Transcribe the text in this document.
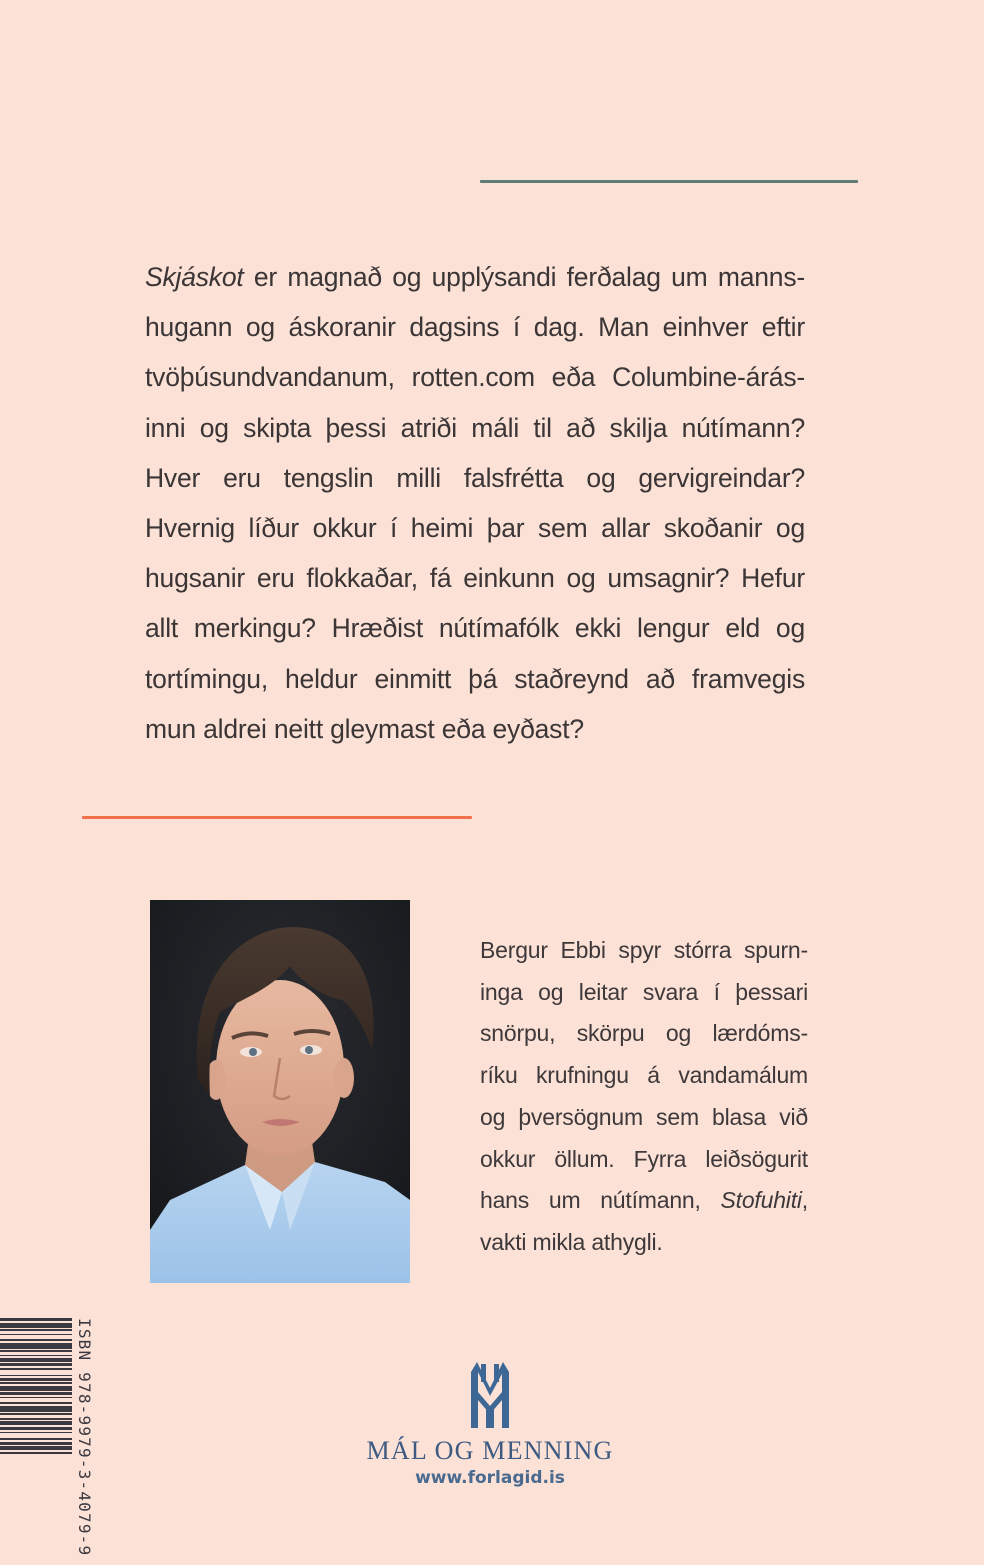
Skjáskot er magnað og upplýsandi ferðalag um manns-
hugann og áskoranir dagsins í dag. Man einhver eftir
tvöþúsundvandanum, rotten.com eða Columbine-árás-
inni og skipta þessi atriði máli til að skilja nútímann?
Hver eru tengslin milli falsfrétta og gervigreindar?
Hvernig líður okkur í heimi þar sem allar skoðanir og
hugsanir eru flokkaðar, fá einkunn og umsagnir? Hefur
allt merkingu? Hræðist nútímafólk ekki lengur eld og
tortímingu, heldur einmitt þá staðreynd að framvegis
mun aldrei neitt gleymast eða eyðast?
Bergur Ebbi spyr stórra spurn-
inga og leitar svara í þessari
snörpu, skörpu og lærdóms-
ríku krufningu á vandamálum
og þversögnum sem blasa við
okkur öllum. Fyrra leiðsögurit
hans um nútímann, Stofuhiti,
vakti mikla athygli.
ISBN 978-9979-3-4079-9	MÁL OG MENNING
www.forlagid.is
